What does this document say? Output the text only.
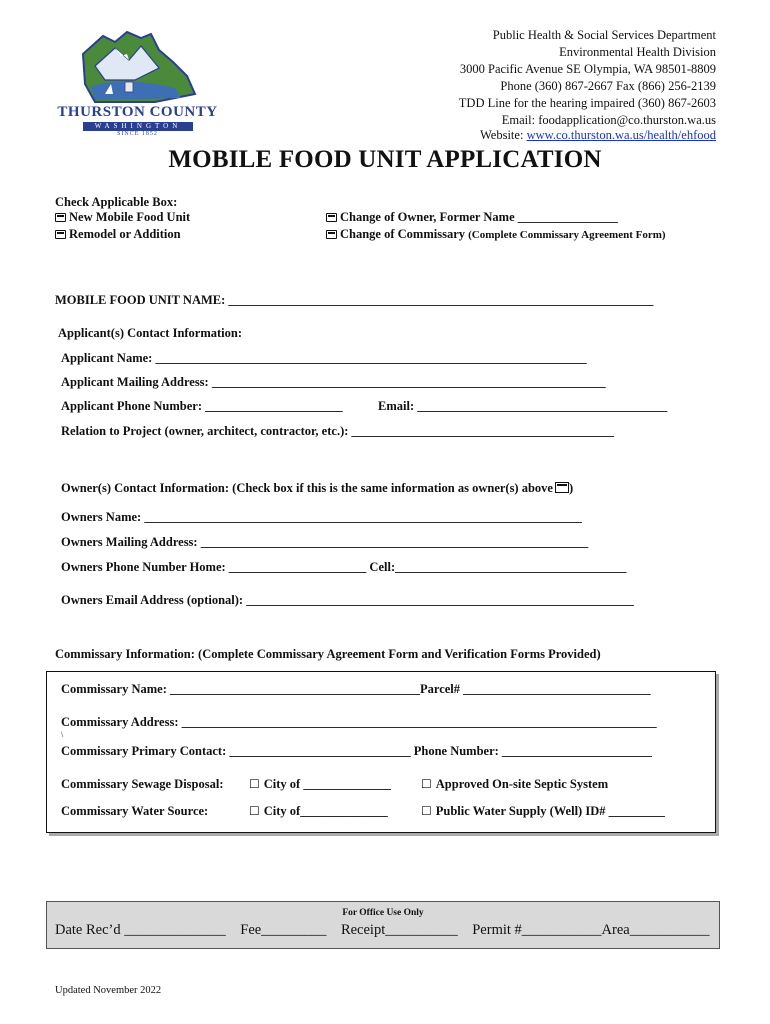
THURSTON COUNTY
WASHINGTON
SINCE 1852
Public Health & Social Services Department
Environmental Health Division
3000 Pacific Avenue SE Olympia, WA 98501-8809
Phone (360) 867-2667 Fax (866) 256-2139
TDD Line for the hearing impaired (360) 867-2603
Email: foodapplication@co.thurston.wa.us
Website: www.co.thurston.wa.us/health/ehfood
MOBILE FOOD UNIT APPLICATION
Check Applicable Box:
New Mobile Food Unit
Remodel or Addition
Change of Owner, Former Name ________________
Change of Commissary (Complete Commissary Agreement Form)
MOBILE FOOD UNIT NAME: ____________________________________________________________________
Applicant(s) Contact Information:
Applicant Name: _____________________________________________________________________
Applicant Mailing Address: _______________________________________________________________
Applicant Phone Number: ______________________	Email: ________________________________________
Relation to Project (owner, architect, contractor, etc.): __________________________________________
Owner(s) Contact Information: (Check box if this is the same information as owner(s) above )
Owners Name: ______________________________________________________________________
Owners Mailing Address: ______________________________________________________________
Owners Phone Number Home: ______________________ Cell:_____________________________________
Owners Email Address (optional): ______________________________________________________________
Commissary Information: (Complete Commissary Agreement Form and Verification Forms Provided)
Commissary Name: ________________________________________Parcel# ______________________________
Commissary Address: ____________________________________________________________________________
\
Commissary Primary Contact: _____________________________ Phone Number: ________________________
Commissary Sewage Disposal: ☐ City of ______________	☐ Approved On-site Septic System
Commissary Water Source:	☐ City of______________	☐ Public Water Supply (Well) ID# _________
For Office Use Only
Date Rec’d ______________ Fee_________ Receipt__________ Permit #___________Area___________
Updated November 2022
